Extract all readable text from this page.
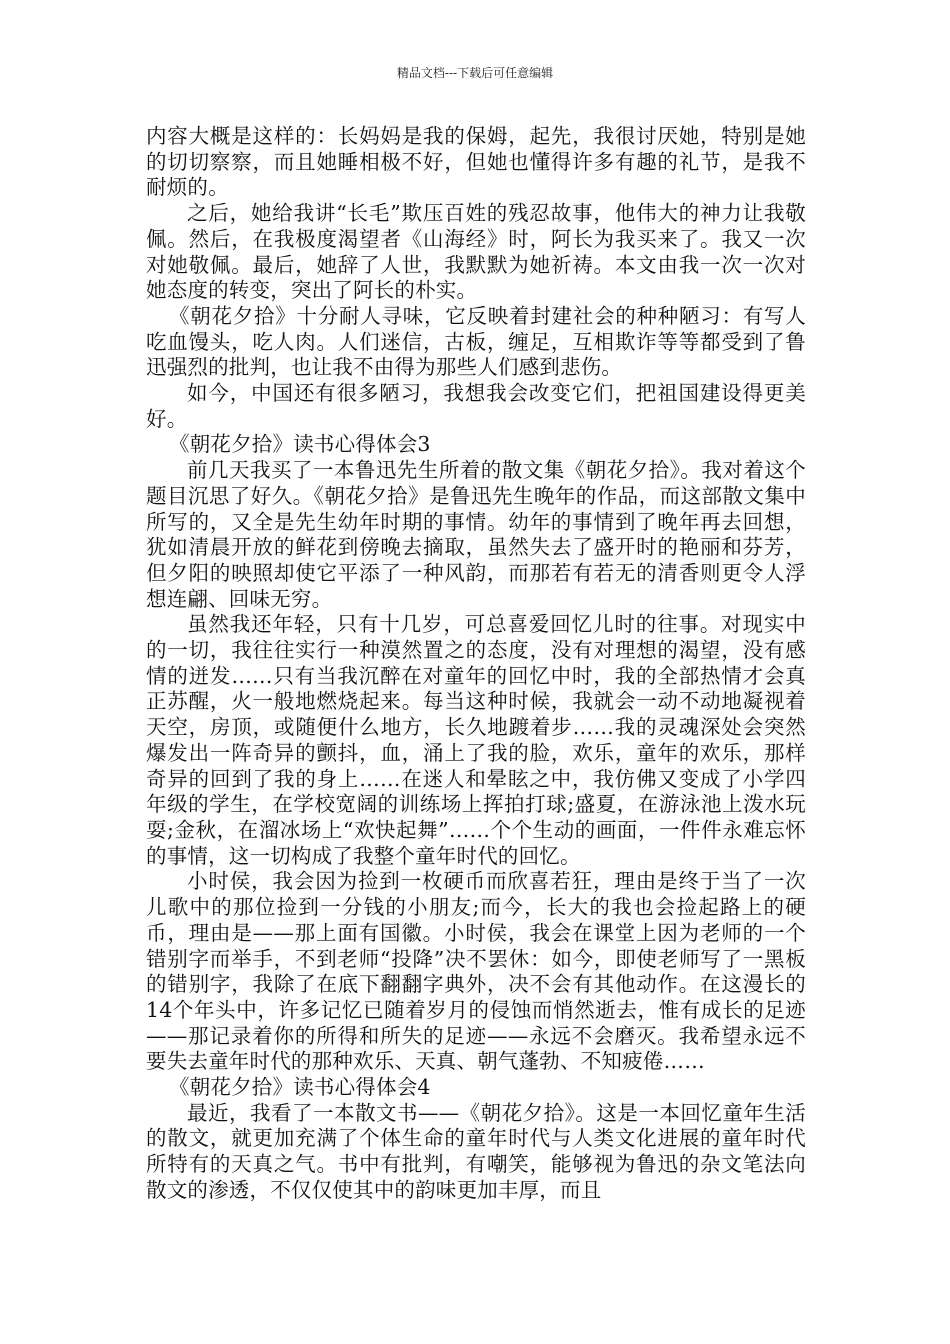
精品文档---下载后可任意编辑

内容大概是这样的：长妈妈是我的保姆，起先，我很讨厌她，特别是她的切切察察，而且她睡相极不好，但她也懂得许多有趣的礼节，是我不耐烦的。

之后，她给我讲“长毛”欺压百姓的残忍故事，他伟大的神力让我敬佩。然后，在我极度渴望者《山海经》时，阿长为我买来了。我又一次对她敬佩。最后，她辞了人世，我默默为她祈祷。本文由我一次一次对她态度的转变，突出了阿长的朴实。

《朝花夕拾》十分耐人寻味，它反映着封建社会的种种陋习：有写人吃血馒头，吃人肉。人们迷信，古板，缠足，互相欺诈等等都受到了鲁迅强烈的批判，也让我不由得为那些人们感到悲伤。

如今，中国还有很多陋习，我想我会改变它们，把祖国建设得更美好。

《朝花夕拾》读书心得体会3

前几天我买了一本鲁迅先生所着的散文集《朝花夕拾》。我对着这个题目沉思了好久。《朝花夕拾》是鲁迅先生晚年的作品，而这部散文集中所写的，又全是先生幼年时期的事情。幼年的事情到了晚年再去回想，犹如清晨开放的鲜花到傍晚去摘取，虽然失去了盛开时的艳丽和芬芳，但夕阳的映照却使它平添了一种风韵，而那若有若无的清香则更令人浮想连翩、回味无穷。

虽然我还年轻，只有十几岁，可总喜爱回忆儿时的往事。对现实中的一切，我往往实行一种漠然置之的态度，没有对理想的渴望，没有感情的迸发……只有当我沉醉在对童年的回忆中时，我的全部热情才会真正苏醒，火一般地燃烧起来。每当这种时候，我就会一动不动地凝视着天空，房顶，或随便什么地方，长久地踱着步……我的灵魂深处会突然爆发出一阵奇异的颤抖，血，涌上了我的脸，欢乐，童年的欢乐，那样奇异的回到了我的身上……在迷人和晕眩之中，我仿佛又变成了小学四年级的学生，在学校宽阔的训练场上挥拍打球;盛夏，在游泳池上泼水玩耍;金秋，在溜冰场上“欢快起舞”……个个生动的画面，一件件永难忘怀的事情，这一切构成了我整个童年时代的回忆。

小时侯，我会因为捡到一枚硬币而欣喜若狂，理由是终于当了一次儿歌中的那位捡到一分钱的小朋友;而今，长大的我也会捡起路上的硬币，理由是——那上面有国徽。小时侯，我会在课堂上因为老师的一个错别字而举手，不到老师“投降”决不罢休：如今，即使老师写了一黑板的错别字，我除了在底下翻翻字典外，决不会有其他动作。在这漫长的14个年头中，许多记忆已随着岁月的侵蚀而悄然逝去，惟有成长的足迹——那记录着你的所得和所失的足迹——永远不会磨灭。我希望永远不要失去童年时代的那种欢乐、天真、朝气蓬勃、不知疲倦……

《朝花夕拾》读书心得体会4

最近，我看了一本散文书——《朝花夕拾》。这是一本回忆童年生活的散文，就更加充满了个体生命的童年时代与人类文化进展的童年时代所特有的天真之气。书中有批判，有嘲笑，能够视为鲁迅的杂文笔法向散文的渗透，不仅仅使其中的韵味更加丰厚，而且
